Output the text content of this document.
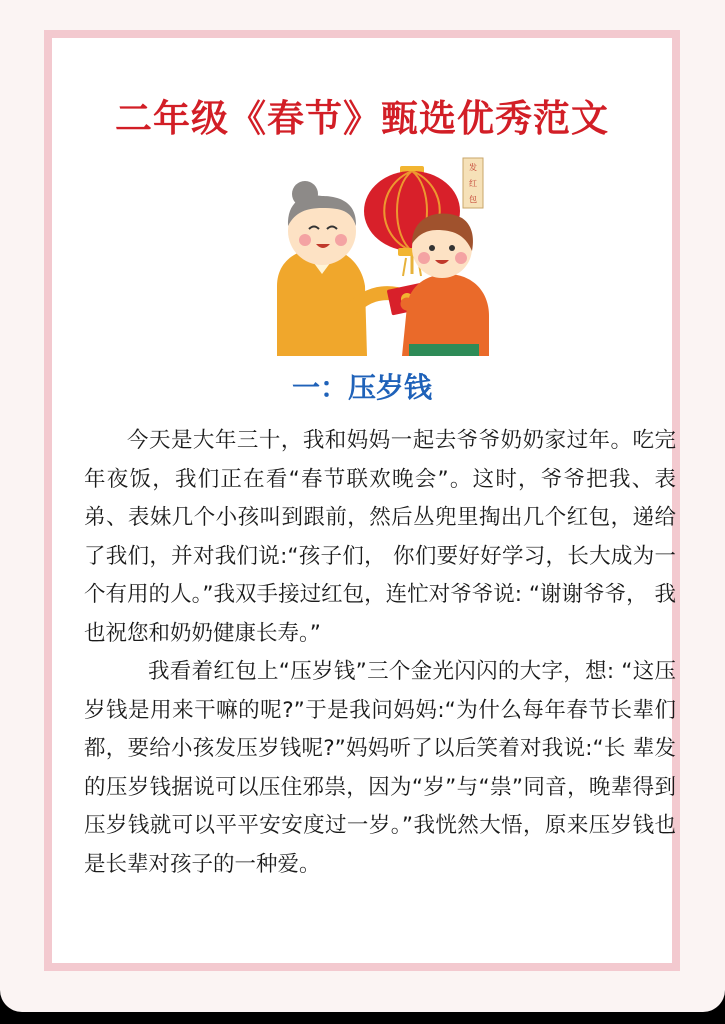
二年级《春节》甄选优秀范文
发
红
包
一：压岁钱

今天是大年三十，我和妈妈一起去爷爷奶奶家过年。吃完年夜饭，我们正在看“春节联欢晚会”。这时，爷爷把我、表弟、表妹几个小孩叫到跟前，然后丛兜里掏出几个红包，递给了我们，并对我们说:“孩子们， 你们要好好学习，长大成为一个有用的人。”我双手接过红包，连忙对爷爷说: “谢谢爷爷， 我也祝您和奶奶健康长寿。”

我看着红包上“压岁钱”三个金光闪闪的大字，想: “这压岁钱是用来干嘛的呢?”于是我问妈妈:“为什么每年春节长辈们都，要给小孩发压岁钱呢?”妈妈听了以后笑着对我说:“长 辈发的压岁钱据说可以压住邪祟，因为“岁”与“祟”同音，晚辈得到压岁钱就可以平平安安度过一岁。”我恍然大悟，原来压岁钱也是长辈对孩子的一种爱。
